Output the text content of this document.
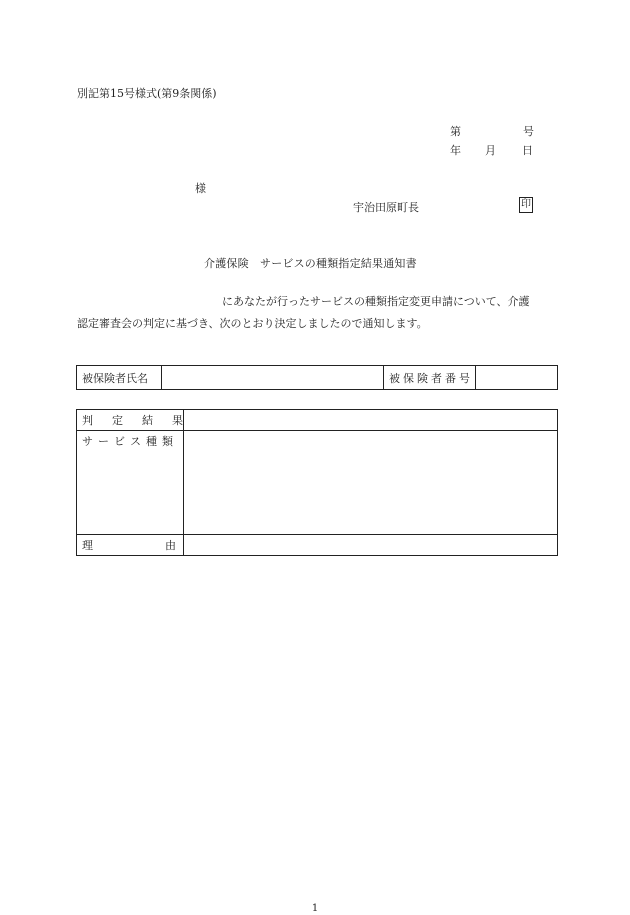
別記第15号様式(第9条関係)
第	号
年 月 日
様
宇治田原町長	印
介護保険　サービスの種類指定結果通知書
にあなたが行ったサービスの種類指定変更申請について、介護
認定審査会の判定に基づき、次のとおり決定しましたので通知します。
被保険者氏名		被保険者番号

判定結果	
サービス種類	
理由	
1
